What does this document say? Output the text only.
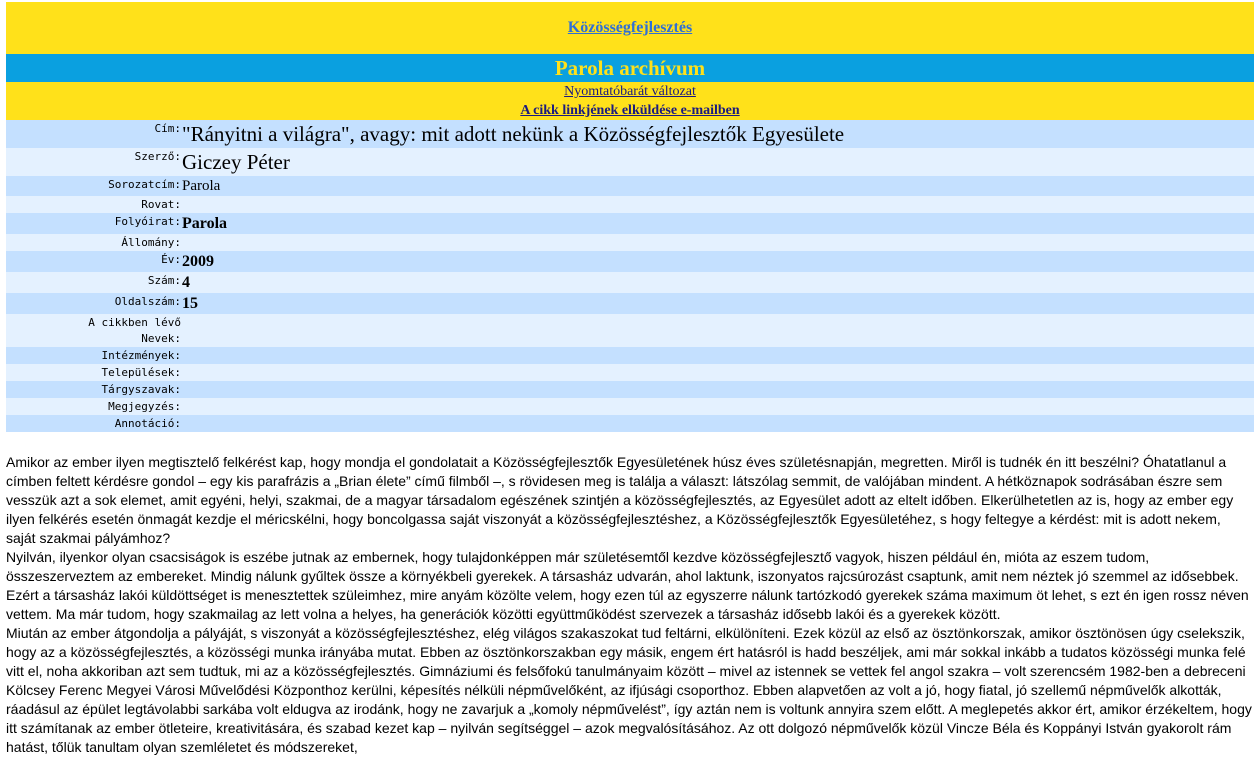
Közösségfejlesztés
Parola archívum
Nyomtatóbarát változat
A cikk linkjének elküldése e-mailben
Cím:	"Rányitni a világra", avagy: mit adott nekünk a Közösségfejlesztők Egyesülete
Szerző:	Giczey Péter
Sorozatcím:	Parola
Rovat:	
Folyóirat:	Parola
Állomány:	
Év:	2009
Szám:	4
Oldalszám:	15

A cikkben lévő
Nevek:	

Intézmények:	
Települések:	
Tárgyszavak:	
Megjegyzés:	
Annotáció:	

Amikor az ember ilyen megtisztelő felkérést kap, hogy mondja el gondolatait a Közösségfejlesztők Egyesületének húsz éves születésnapján, megretten. Miről is tudnék én itt beszélni? Óhatatlanul a címben feltett kérdésre gondol – egy kis parafrázis a „Brian élete” című filmből –, s rövidesen meg is találja a választ: látszólag semmit, de valójában mindent. A hétköznapok sodrásában észre sem vesszük azt a sok elemet, amit egyéni, helyi, szakmai, de a magyar társadalom egészének szintjén a közösségfejlesztés, az Egyesület adott az eltelt időben. Elkerülhetetlen az is, hogy az ember egy ilyen felkérés esetén önmagát kezdje el méricskélni, hogy boncolgassa saját viszonyát a közösségfejlesztéshez, a Közösségfejlesztők Egyesületéhez, s hogy feltegye a kérdést: mit is adott nekem, saját szakmai pályámhoz?

Nyilván, ilyenkor olyan csacsiságok is eszébe jutnak az embernek, hogy tulajdonképpen már születésemtől kezdve közösségfejlesztő vagyok, hiszen például én, mióta az eszem tudom, összeszerveztem az embereket. Mindig nálunk gyűltek össze a környékbeli gyerekek. A társasház udvarán, ahol laktunk, iszonyatos rajcsúrozást csaptunk, amit nem néztek jó szemmel az idősebbek. Ezért a társasház lakói küldöttséget is menesztettek szüleimhez, mire anyám közölte velem, hogy ezen túl az egyszerre nálunk tartózkodó gyerekek száma maximum öt lehet, s ezt én igen rossz néven vettem. Ma már tudom, hogy szakmailag az lett volna a helyes, ha generációk közötti együttműködést szervezek a társasház idősebb lakói és a gyerekek között.

Miután az ember átgondolja a pályáját, s viszonyát a közösségfejlesztéshez, elég világos szakaszokat tud feltárni, elkülöníteni. Ezek közül az első az ösztönkorszak, amikor ösztönösen úgy cselekszik, hogy az a közösségfejlesztés, a közösségi munka irányába mutat. Ebben az ösztönkorszakban egy másik, engem ért hatásról is hadd beszéljek, ami már sokkal inkább a tudatos közösségi munka felé vitt el, noha akkoriban azt sem tudtuk, mi az a közösségfejlesztés. Gimnáziumi és felsőfokú tanulmányaim között – mivel az istennek se vettek fel angol szakra – volt szerencsém 1982-ben a debreceni Kölcsey Ferenc Megyei Városi Művelődési Központhoz kerülni, képesítés nélküli népművelőként, az ifjúsági csoporthoz. Ebben alapvetően az volt a jó, hogy fiatal, jó szellemű népművelők alkották, ráadásul az épület legtávolabbi sarkába volt eldugva az irodánk, hogy ne zavarjuk a „komoly népművelést”, így aztán nem is voltunk annyira szem előtt. A meglepetés akkor ért, amikor érzékeltem, hogy itt számítanak az ember ötleteire, kreativitására, és szabad kezet kap – nyilván segítséggel – azok megvalósításához. Az ott dolgozó népművelők közül Vincze Béla és Koppányi István gyakorolt rám hatást, tőlük tanultam olyan szemléletet és módszereket,
